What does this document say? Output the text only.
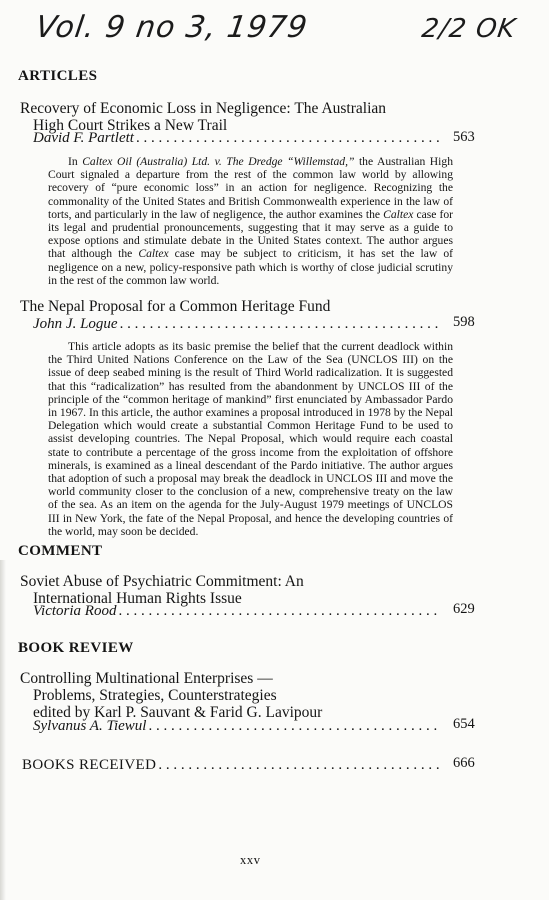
Vol. 9 no 3, 1979	2/2 OK
ARTICLES

Recovery of Economic Loss in Negligence: The Australian
High Court Strikes a New Trail

David F. Partlett . . .	563

In Caltex Oil (Australia) Ltd. v. The Dredge “Willemstad,” the Australian High Court signaled a departure from the rest of the common law world by allowing recovery of “pure economic loss” in an action for negligence. Recognizing the commonality of the United States and British Commonwealth experience in the law of torts, and particularly in the law of negligence, the author examines the Caltex case for its legal and prudential pronouncements, suggesting that it may serve as a guide to expose options and stimulate debate in the United States context. The author argues that although the Caltex case may be subject to criticism, it has set the law of negligence on a new, policy-responsive path which is worthy of close judicial scrutiny in the rest of the common law world.

The Nepal Proposal for a Common Heritage Fund

John J. Logue . . .	598

This article adopts as its basic premise the belief that the current deadlock within the Third United Nations Conference on the Law of the Sea (UNCLOS III) on the issue of deep seabed mining is the result of Third World radicalization. It is suggested that this “radicalization” has resulted from the abandonment by UNCLOS III of the principle of the “common heritage of mankind” first enunciated by Ambassador Pardo in 1967. In this article, the author examines a proposal introduced in 1978 by the Nepal Delegation which would create a substantial Common Heritage Fund to be used to assist developing countries. The Nepal Proposal, which would require each coastal state to contribute a percentage of the gross income from the exploitation of offshore minerals, is examined as a lineal descendant of the Pardo initiative. The author argues that adoption of such a proposal may break the deadlock in UNCLOS III and move the world community closer to the conclusion of a new, comprehensive treaty on the law of the sea. As an item on the agenda for the July-August 1979 meetings of UNCLOS III in New York, the fate of the Nepal Proposal, and hence the developing countries of the world, may soon be decided.

COMMENT

Soviet Abuse of Psychiatric Commitment: An
International Human Rights Issue

Victoria Rood . . .	629
BOOK REVIEW

Controlling Multinational Enterprises —
Problems, Strategies, Counterstrategies
edited by Karl P. Sauvant & Farid G. Lavipour

Sylvanus A. Tiewul . . .	654
BOOKS RECEIVED . . .	666
xxv
